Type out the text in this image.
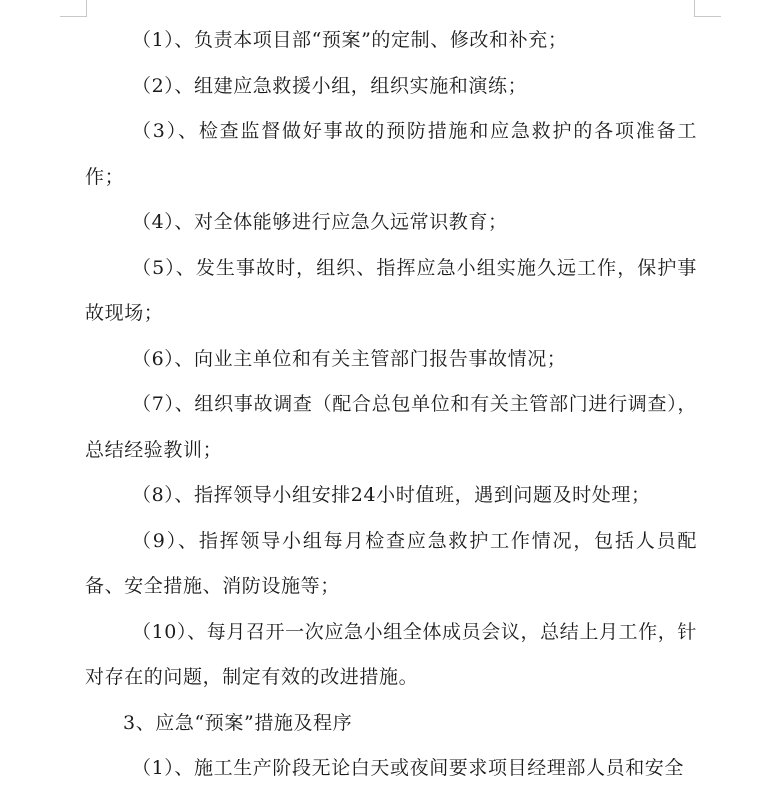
（1）、负责本项目部“预案”的定制、修改和补充；

（2）、组建应急救援小组，组织实施和演练；

（3）、检查监督做好事故的预防措施和应急救护的各项准备工作；

（4）、对全体能够进行应急久远常识教育；

（5）、发生事故时，组织、指挥应急小组实施久远工作，保护事故现场；

（6）、向业主单位和有关主管部门报告事故情况；

（7）、组织事故调查（配合总包单位和有关主管部门进行调查），总结经验教训；

（8）、指挥领导小组安排24小时值班，遇到问题及时处理；

（9）、指挥领导小组每月检查应急救护工作情况，包括人员配备、安全措施、消防设施等；

（10）、每月召开一次应急小组全体成员会议，总结上月工作，针对存在的问题，制定有效的改进措施。

3、应急“预案”措施及程序

（1）、施工生产阶段无论白天或夜间要求项目经理部人员和安全
